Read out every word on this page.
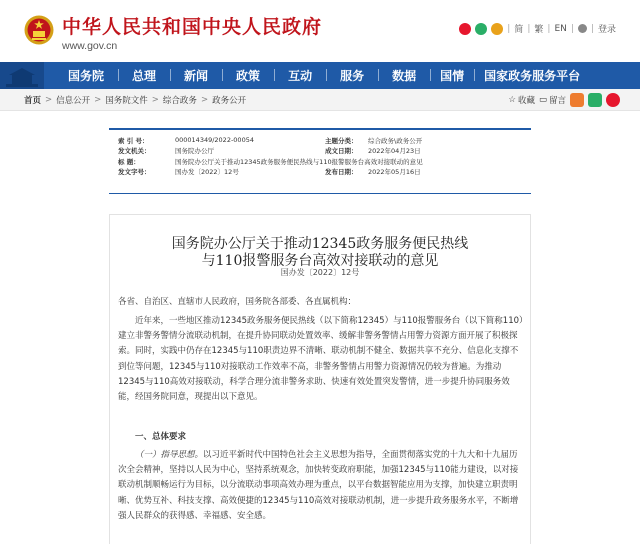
中华人民共和国中央人民政府
www.gov.cn
| 简 | 繁 | EN | | 登录
国务院	总理	新闻	政策	互动	服务	数据	国情	国家政务服务平台
首页 > 信息公开 > 国务院文件 > 综合政务 > 政务公开	☆ 收藏 ▭ 留言
索 引 号：	000014349/2022-00054	主题分类： 综合政务\政务公开
发文机关：	国务院办公厅	成文日期： 2022年04月23日
标 题：	国务院办公厅关于推动12345政务服务便民热线与110报警服务台高效对接联动的意见
发文字号：	国办发〔2022〕12号	发布日期： 2022年05月16日
国务院办公厅关于推动12345政务服务便民热线
与110报警服务台高效对接联动的意见
国办发〔2022〕12号
各省、自治区、直辖市人民政府，国务院各部委、各直属机构：
近年来，一些地区推动12345政务服务便民热线（以下简称12345）与110报警服务台（以下简称110）建立非警务警情分流联动机制，在提升协同联动处置效率、缓解非警务警情占用警力资源方面开展了积极探索。同时，实践中仍存在12345与110职责边界不清晰、联动机制不健全、数据共享不充分、信息化支撑不到位等问题，12345与110对接联动工作效率不高，非警务警情占用警力资源情况仍较为普遍。为推动12345与110高效对接联动，科学合理分流非警务求助、快速有效处置突发警情，进一步提升协同服务效能，经国务院同意，现提出以下意见。
一、总体要求
（一）指导思想。以习近平新时代中国特色社会主义思想为指导，全面贯彻落实党的十九大和十九届历次全会精神，坚持以人民为中心，坚持系统观念，加快转变政府职能，加强12345与110能力建设，以对接联动机制顺畅运行为目标，以分流联动事项高效办理为重点，以平台数据智能应用为支撑，加快建立职责明晰、优势互补、科技支撑、高效便捷的12345与110高效对接联动机制，进一步提升政务服务水平，不断增强人民群众的获得感、幸福感、安全感。
